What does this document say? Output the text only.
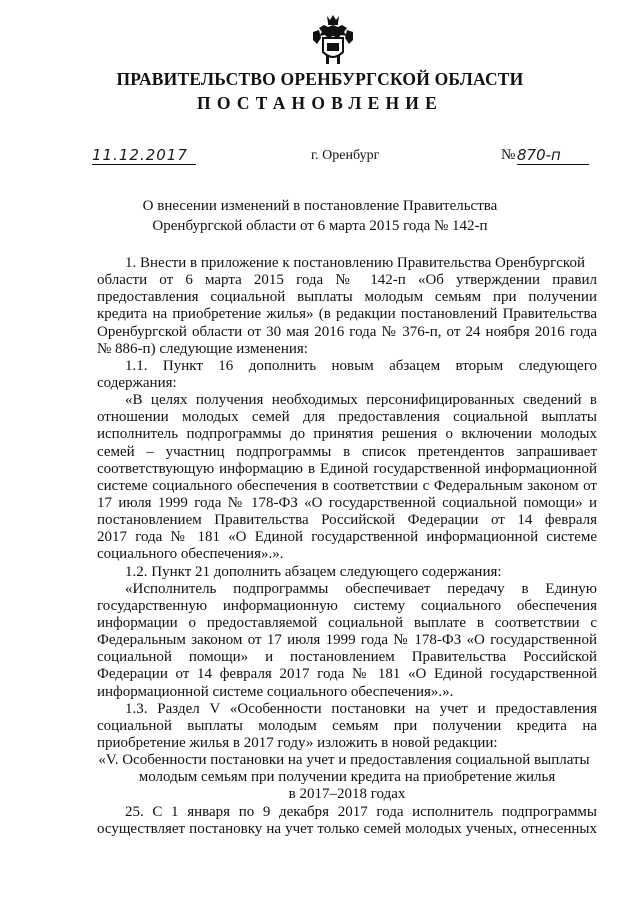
ПРАВИТЕЛЬСТВО ОРЕНБУРГСКОЙ ОБЛАСТИ
ПОСТАНОВЛЕНИЕ
11.12.2017	г. Оренбург	№ 870-п
О внесении изменений в постановление Правительства
Оренбургской области от 6 марта 2015 года № 142-п
1. Внести в приложение к постановлению Правительства Оренбургской
области от 6 марта 2015 года № 142-п «Об утверждении правил
предоставления социальной выплаты молодым семьям при получении
кредита на приобретение жилья» (в редакции постановлений Правительства
Оренбургской области от 30 мая 2016 года № 376-п, от 24 ноября 2016 года
№ 886-п) следующие изменения:
1.1. Пункт 16 дополнить новым абзацем вторым следующего
содержания:
«В целях получения необходимых персонифицированных сведений в
отношении молодых семей для предоставления социальной выплаты
исполнитель подпрограммы до принятия решения о включении молодых
семей – участниц подпрограммы в список претендентов запрашивает
соответствующую информацию в Единой государственной информационной
системе социального обеспечения в соответствии с Федеральным законом от
17 июля 1999 года № 178-ФЗ «О государственной социальной помощи» и
постановлением Правительства Российской Федерации от 14 февраля
2017 года № 181 «О Единой государственной информационной системе
социального обеспечения».».
1.2. Пункт 21 дополнить абзацем следующего содержания:
«Исполнитель подпрограммы обеспечивает передачу в Единую
государственную информационную систему социального обеспечения
информации о предоставляемой социальной выплате в соответствии с
Федеральным законом от 17 июля 1999 года № 178-ФЗ «О государственной
социальной помощи» и постановлением Правительства Российской
Федерации от 14 февраля 2017 года № 181 «О Единой государственной
информационной системе социального обеспечения».».
1.3. Раздел V «Особенности постановки на учет и предоставления
социальной выплаты молодым семьям при получении кредита на
приобретение жилья в 2017 году» изложить в новой редакции:
«V. Особенности постановки на учет и предоставления социальной выплаты
молодым семьям при получении кредита на приобретение жилья
в 2017–2018 годах
25. С 1 января по 9 декабря 2017 года исполнитель подпрограммы
осуществляет постановку на учет только семей молодых ученых, отнесенных
